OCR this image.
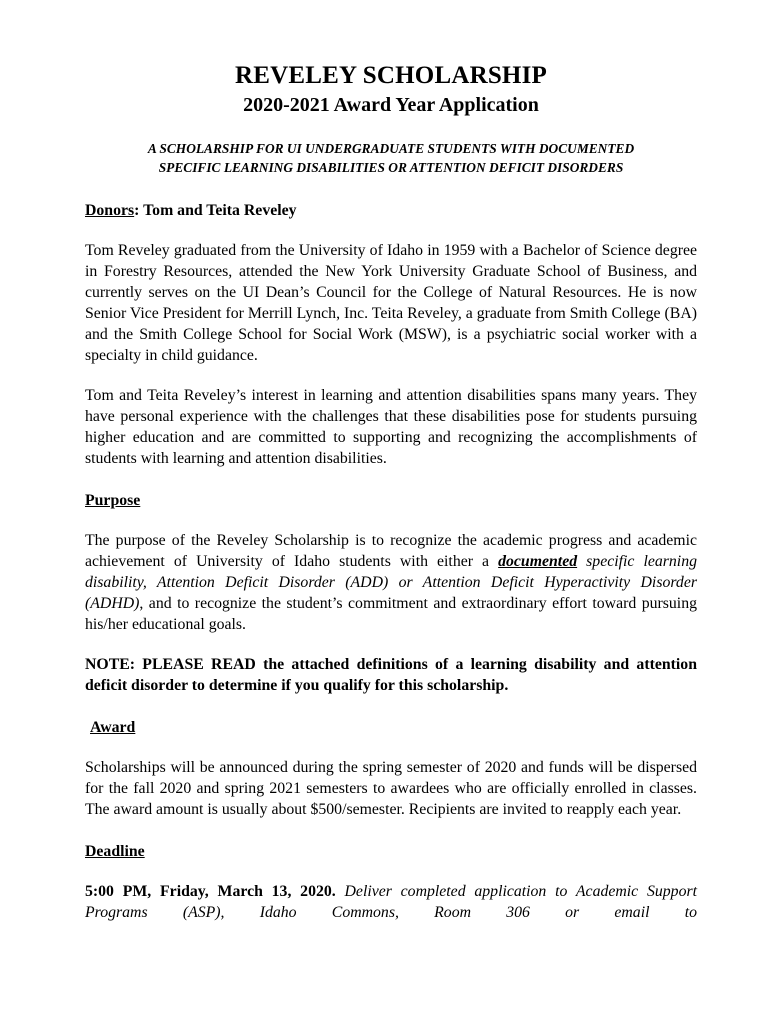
REVELEY SCHOLARSHIP
2020-2021 Award Year Application
A SCHOLARSHIP FOR UI UNDERGRADUATE STUDENTS WITH DOCUMENTED
SPECIFIC LEARNING DISABILITIES OR ATTENTION DEFICIT DISORDERS
Donors: Tom and Teita Reveley

Tom Reveley graduated from the University of Idaho in 1959 with a Bachelor of Science degree in Forestry Resources, attended the New York University Graduate School of Business, and currently serves on the UI Dean’s Council for the College of Natural Resources. He is now Senior Vice President for Merrill Lynch, Inc. Teita Reveley, a graduate from Smith College (BA) and the Smith College School for Social Work (MSW), is a psychiatric social worker with a specialty in child guidance.

Tom and Teita Reveley’s interest in learning and attention disabilities spans many years. They have personal experience with the challenges that these disabilities pose for students pursuing higher education and are committed to supporting and recognizing the accomplishments of students with learning and attention disabilities.

Purpose

The purpose of the Reveley Scholarship is to recognize the academic progress and academic achievement of University of Idaho students with either a documented specific learning disability, Attention Deficit Disorder (ADD) or Attention Deficit Hyperactivity Disorder (ADHD), and to recognize the student’s commitment and extraordinary effort toward pursuing his/her educational goals.

NOTE: PLEASE READ the attached definitions of a learning disability and attention deficit disorder to determine if you qualify for this scholarship.

Award

Scholarships will be announced during the spring semester of 2020 and funds will be dispersed for the fall 2020 and spring 2021 semesters to awardees who are officially enrolled in classes. The award amount is usually about $500/semester. Recipients are invited to reapply each year.

Deadline

5:00 PM, Friday, March 13, 2020. Deliver completed application to Academic Support Programs (ASP), Idaho Commons, Room 306 or email to
